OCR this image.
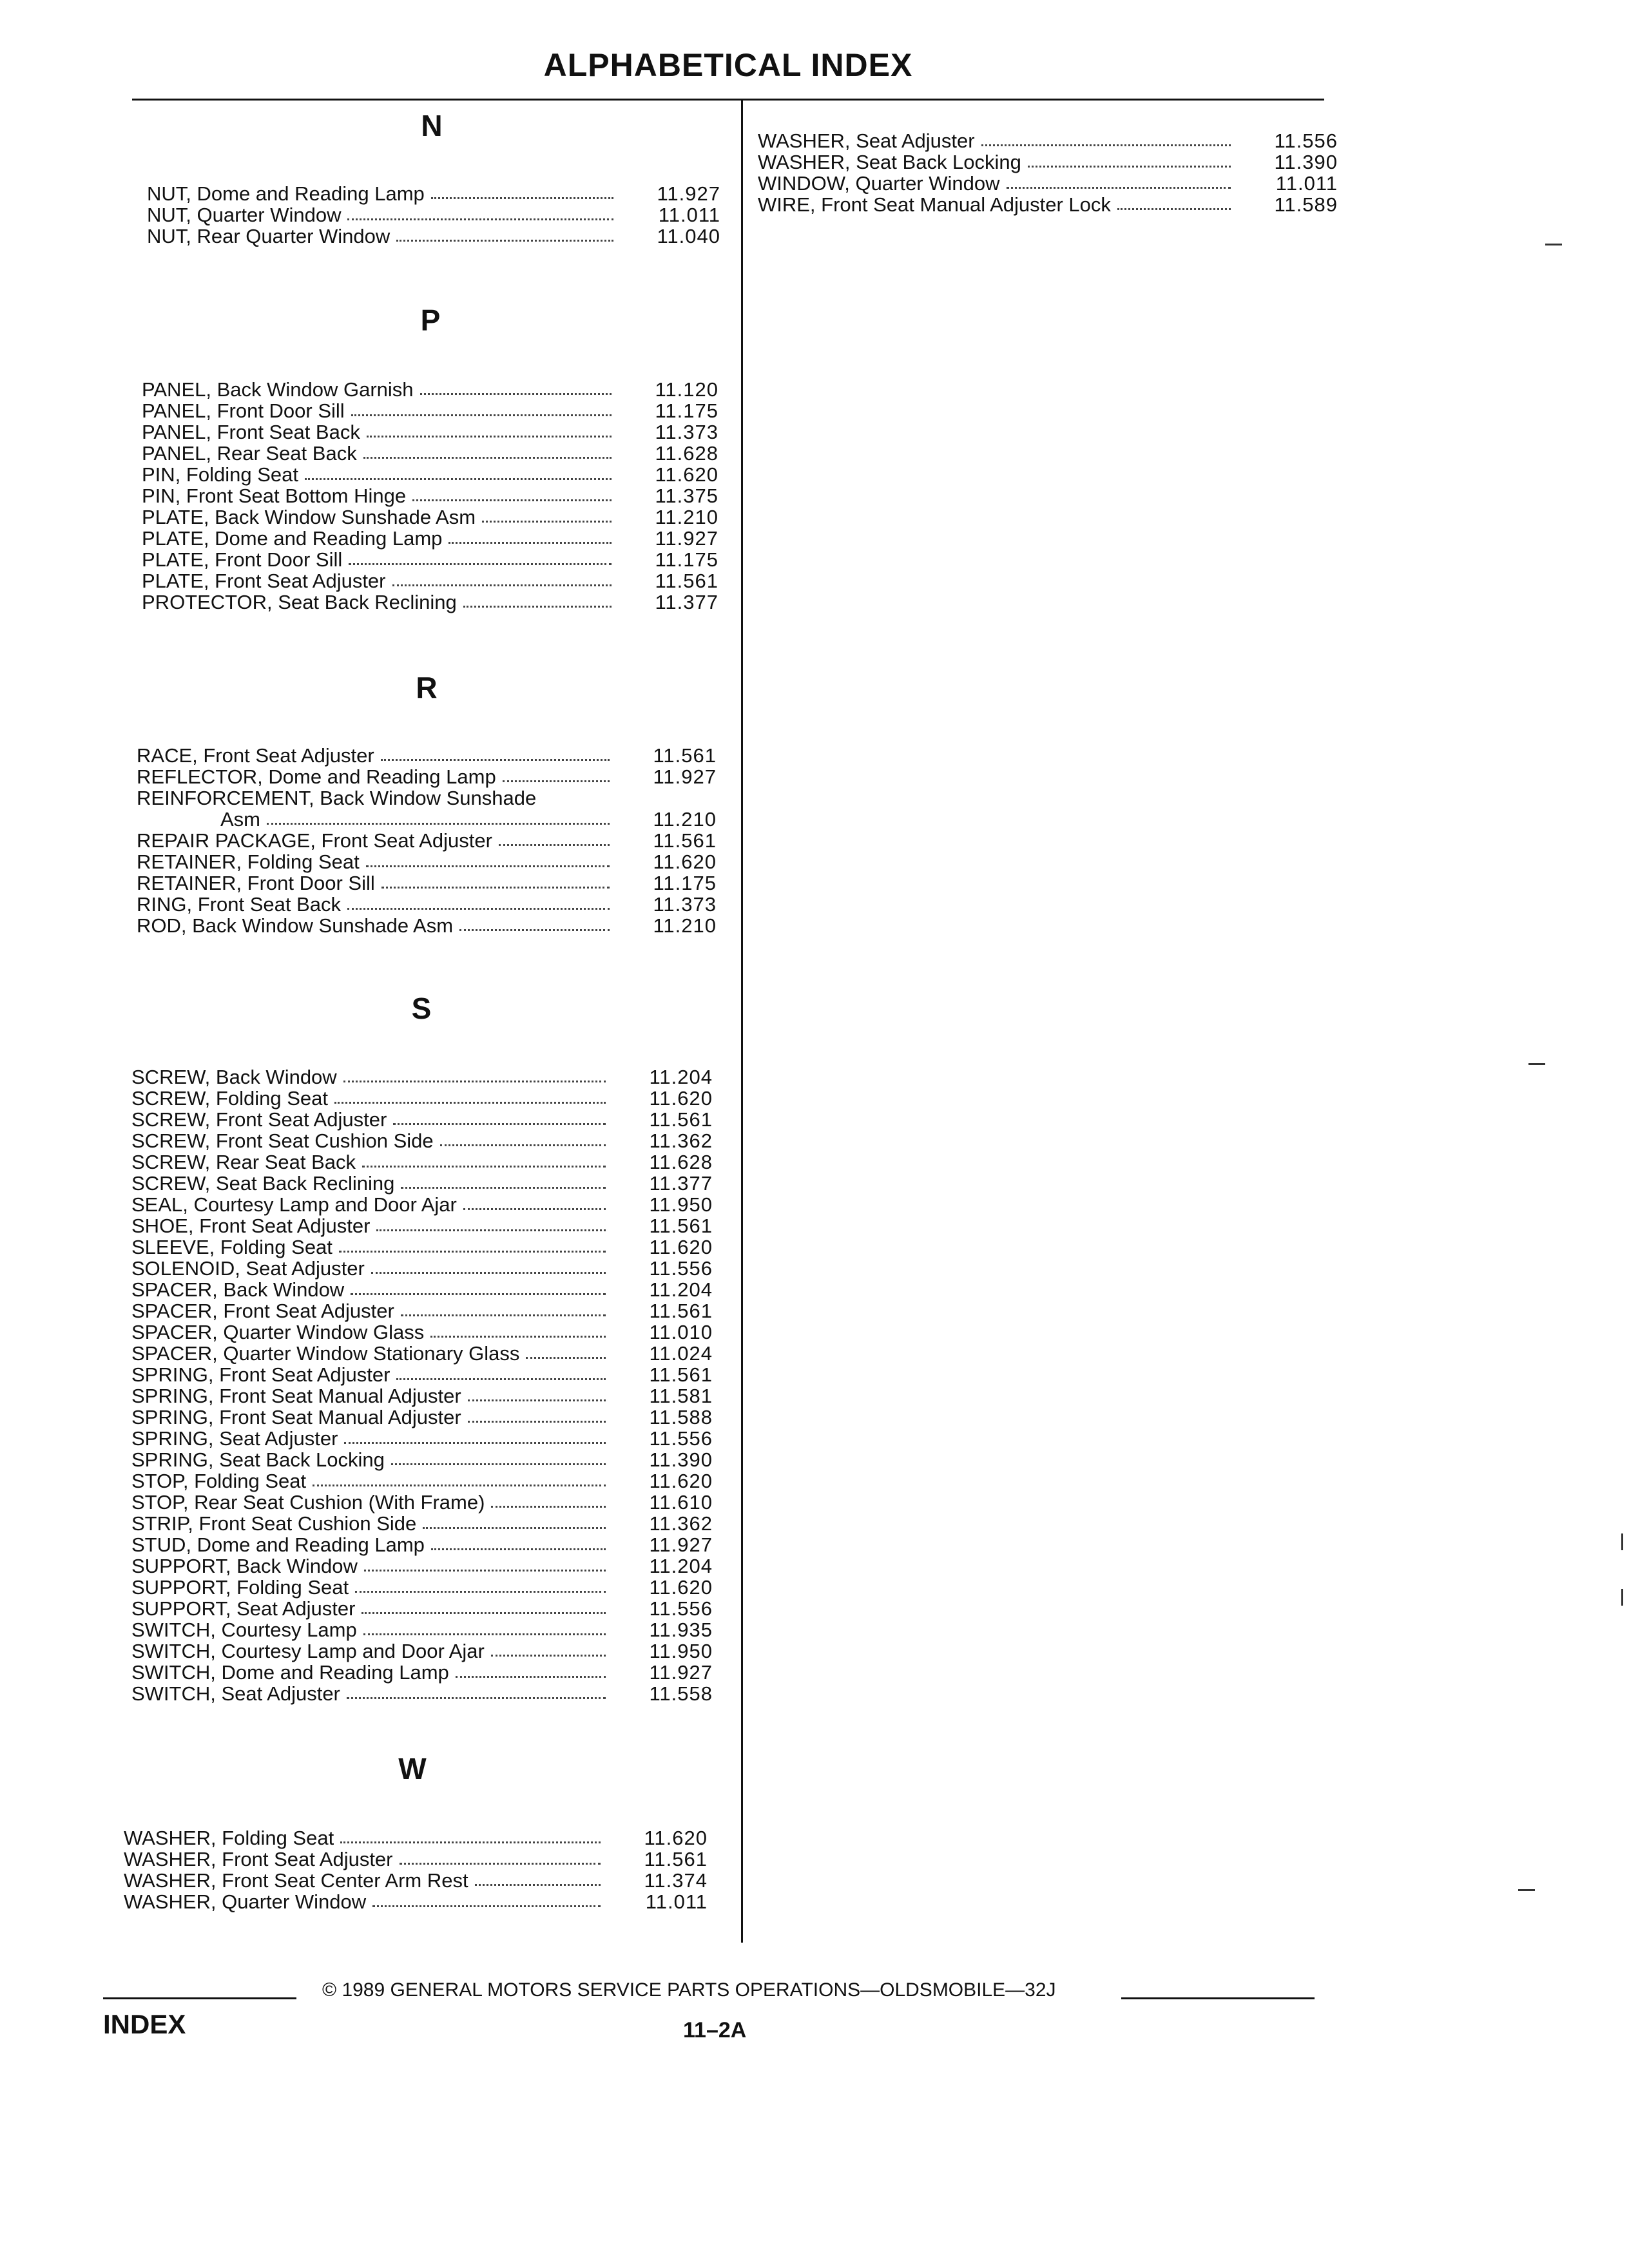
ALPHABETICAL INDEX
N
NUT, Dome and Reading Lamp	11.927
NUT, Quarter Window	11.011
NUT, Rear Quarter Window	11.040
P
PANEL, Back Window Garnish	11.120
PANEL, Front Door Sill	11.175
PANEL, Front Seat Back	11.373
PANEL, Rear Seat Back	11.628
PIN, Folding Seat	11.620
PIN, Front Seat Bottom Hinge	11.375
PLATE, Back Window Sunshade Asm	11.210
PLATE, Dome and Reading Lamp	11.927
PLATE, Front Door Sill	11.175
PLATE, Front Seat Adjuster	11.561
PROTECTOR, Seat Back Reclining	11.377
R
RACE, Front Seat Adjuster	11.561
REFLECTOR, Dome and Reading Lamp	11.927
REINFORCEMENT, Back Window Sunshade
Asm	11.210
REPAIR PACKAGE, Front Seat Adjuster	11.561
RETAINER, Folding Seat	11.620
RETAINER, Front Door Sill	11.175
RING, Front Seat Back	11.373
ROD, Back Window Sunshade Asm	11.210
S
SCREW, Back Window	11.204
SCREW, Folding Seat	11.620
SCREW, Front Seat Adjuster	11.561
SCREW, Front Seat Cushion Side	11.362
SCREW, Rear Seat Back	11.628
SCREW, Seat Back Reclining	11.377
SEAL, Courtesy Lamp and Door Ajar	11.950
SHOE, Front Seat Adjuster	11.561
SLEEVE, Folding Seat	11.620
SOLENOID, Seat Adjuster	11.556
SPACER, Back Window	11.204
SPACER, Front Seat Adjuster	11.561
SPACER, Quarter Window Glass	11.010
SPACER, Quarter Window Stationary Glass	11.024
SPRING, Front Seat Adjuster	11.561
SPRING, Front Seat Manual Adjuster	11.581
SPRING, Front Seat Manual Adjuster	11.588
SPRING, Seat Adjuster	11.556
SPRING, Seat Back Locking	11.390
STOP, Folding Seat	11.620
STOP, Rear Seat Cushion (With Frame)	11.610
STRIP, Front Seat Cushion Side	11.362
STUD, Dome and Reading Lamp	11.927
SUPPORT, Back Window	11.204
SUPPORT, Folding Seat	11.620
SUPPORT, Seat Adjuster	11.556
SWITCH, Courtesy Lamp	11.935
SWITCH, Courtesy Lamp and Door Ajar	11.950
SWITCH, Dome and Reading Lamp	11.927
SWITCH, Seat Adjuster	11.558
W
WASHER, Folding Seat	11.620
WASHER, Front Seat Adjuster	11.561
WASHER, Front Seat Center Arm Rest	11.374
WASHER, Quarter Window	11.011
WASHER, Seat Adjuster	11.556
WASHER, Seat Back Locking	11.390
WINDOW, Quarter Window	11.011
WIRE, Front Seat Manual Adjuster Lock	11.589
© 1989 GENERAL MOTORS SERVICE PARTS OPERATIONS—OLDSMOBILE—32J
INDEX	11–2A
